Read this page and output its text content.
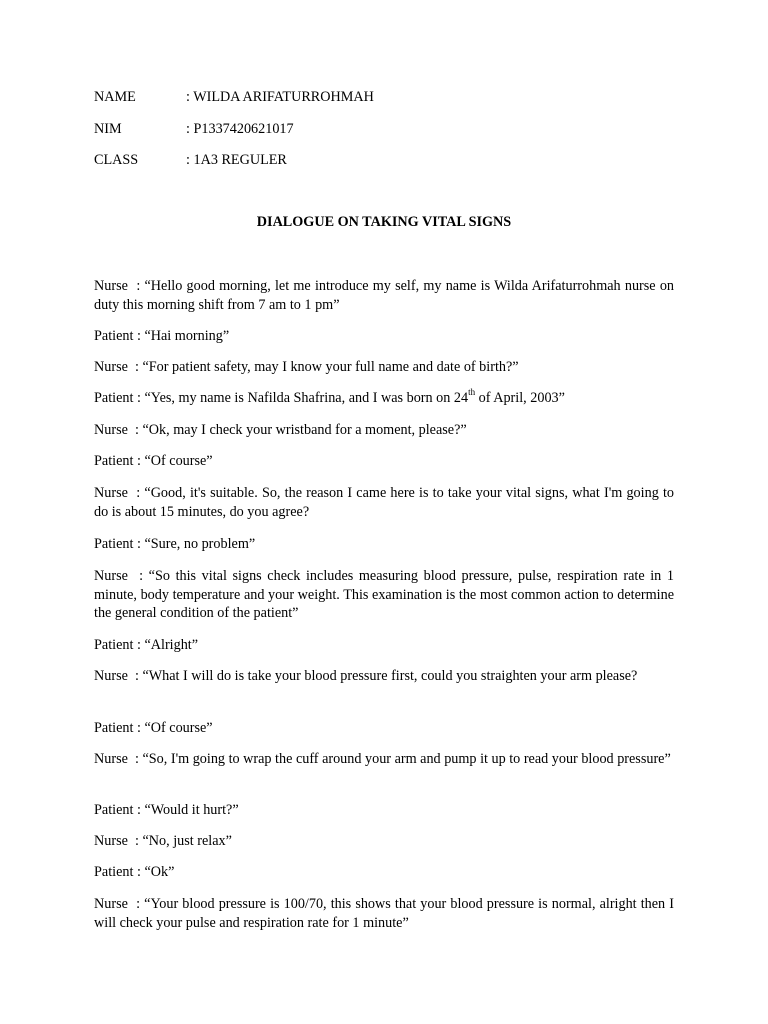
NAME	: WILDA ARIFATURROHMAH
NIM	: P1337420621017
CLASS	: 1A3 REGULER
DIALOGUE ON TAKING VITAL SIGNS
Nurse  : “Hello good morning, let me introduce my self, my name is Wilda Arifaturrohmah nurse on duty this morning shift from 7 am to 1 pm”
Patient : “Hai morning”
Nurse  : “For patient safety, may I know your full name and date of birth?”
Patient : “Yes, my name is Nafilda Shafrina, and I was born on 24th of April, 2003”
Nurse  : “Ok, may I check your wristband for a moment, please?”
Patient : “Of course”
Nurse  : “Good, it's suitable. So, the reason I came here is to take your vital signs, what I'm going to do is about 15 minutes, do you agree?
Patient : “Sure, no problem”
Nurse  : “So this vital signs check includes measuring blood pressure, pulse, respiration rate in 1 minute, body temperature and your weight. This examination is the most common action to determine the general condition of the patient”
Patient : “Alright”
Nurse  : “What I will do is take your blood pressure first, could you straighten your arm please?
Patient : “Of course”
Nurse  : “So, I'm going to wrap the cuff around your arm and pump it up to read your blood pressure”
Patient : “Would it hurt?”
Nurse  : “No, just relax”
Patient : “Ok”
Nurse  : “Your blood pressure is 100/70, this shows that your blood pressure is normal, alright then I will check your pulse and respiration rate for 1 minute”
